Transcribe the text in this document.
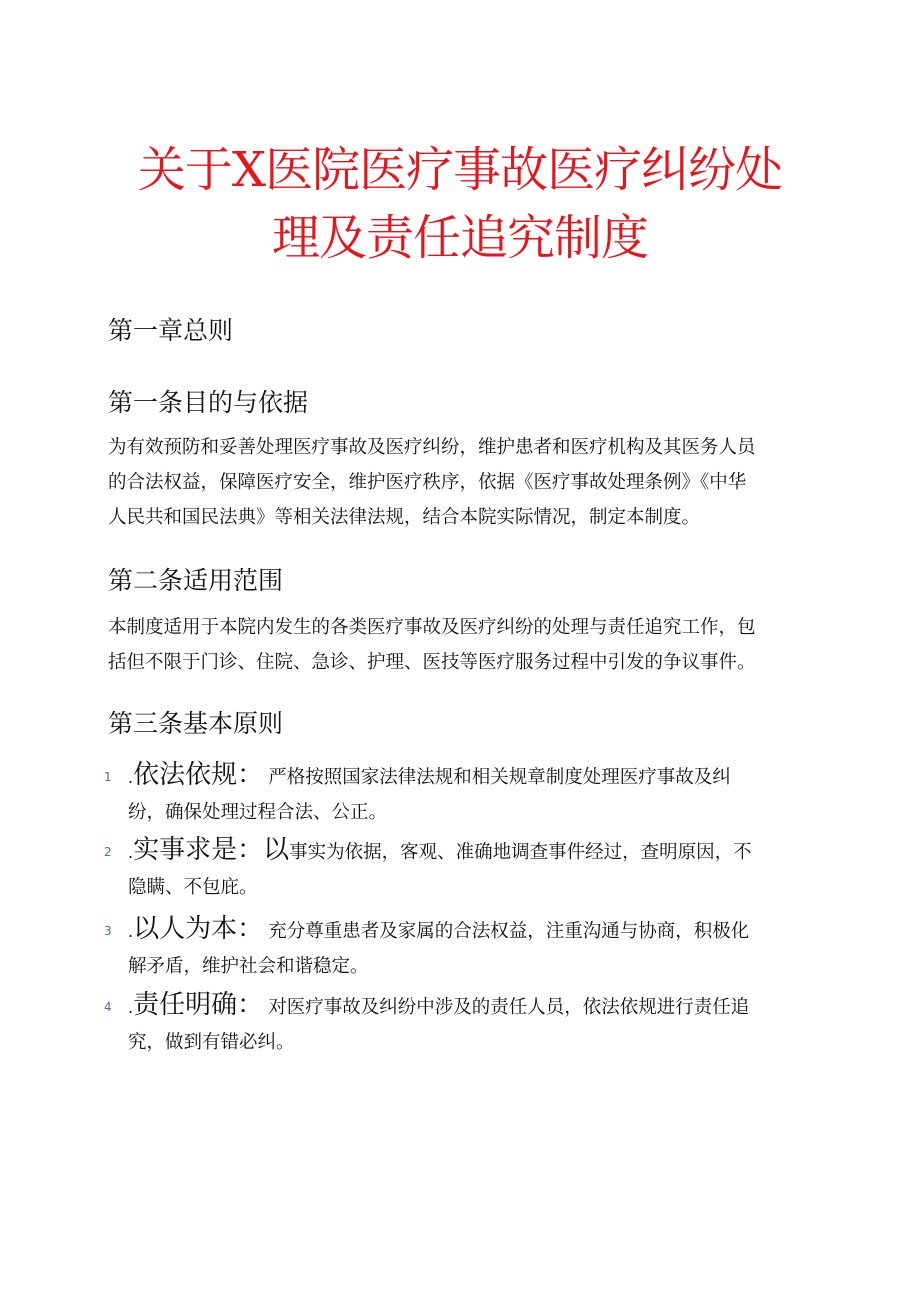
关于X医院医疗事故医疗纠纷处
理及责任追究制度
第一章总则
第一条目的与依据
为有效预防和妥善处理医疗事故及医疗纠纷，维护患者和医疗机构及其医务人员
的合法权益，保障医疗安全，维护医疗秩序，依据《医疗事故处理条例》《中华
人民共和国民法典》等相关法律法规，结合本院实际情况，制定本制度。
第二条适用范围
本制度适用于本院内发生的各类医疗事故及医疗纠纷的处理与责任追究工作，包
括但不限于门诊、住院、急诊、护理、医技等医疗服务过程中引发的争议事件。
第三条基本原则
1 .依法依规： 严格按照国家法律法规和相关规章制度处理医疗事故及纠
纷，确保处理过程合法、公正。
2 .实事求是：以事实为依据，客观、准确地调查事件经过，查明原因，不
隐瞒、不包庇。
3 .以人为本： 充分尊重患者及家属的合法权益，注重沟通与协商，积极化
解矛盾，维护社会和谐稳定。
4 .责任明确： 对医疗事故及纠纷中涉及的责任人员，依法依规进行责任追
究，做到有错必纠。
